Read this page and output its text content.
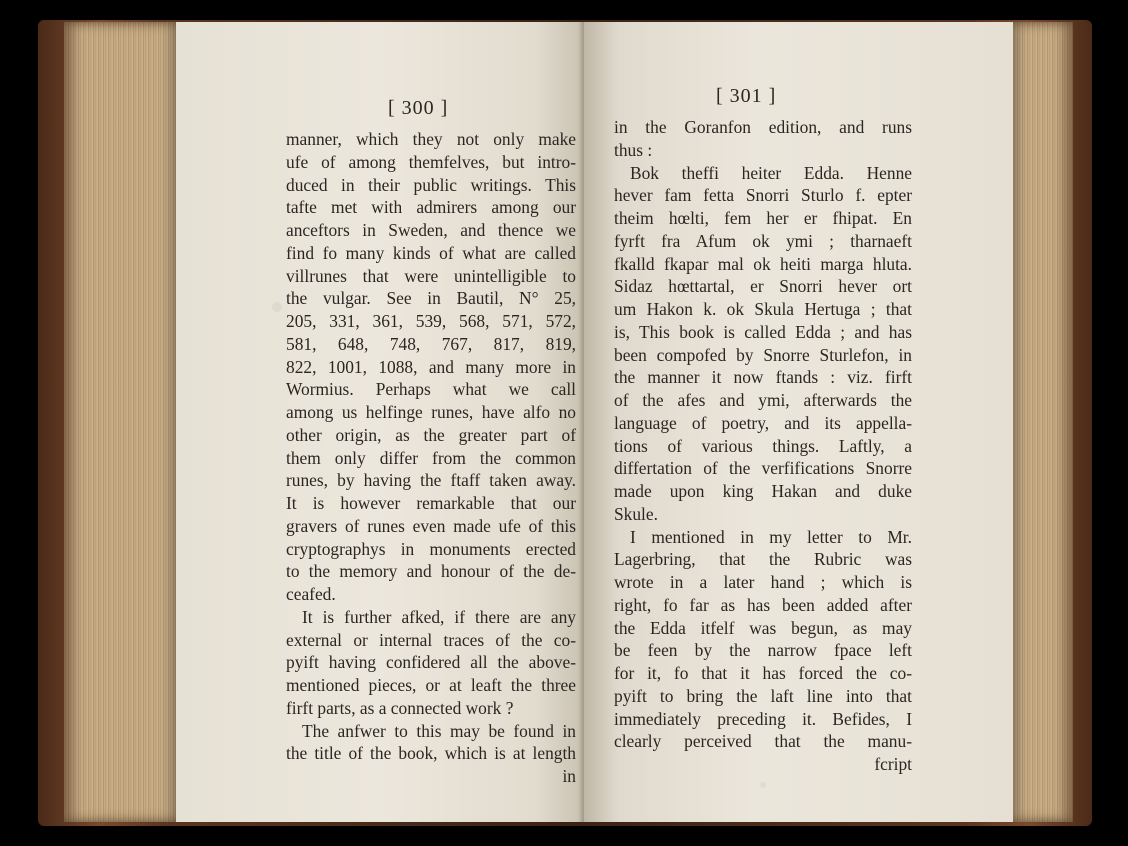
[ 300 ]
manner, which they not only make
ufe of among themfelves, but intro-
duced in their public writings. This
tafte met with admirers among our
anceftors in Sweden, and thence we
find fo many kinds of what are called
villrunes that were unintelligible to
the vulgar. See in Bautil, N° 25,
205, 331, 361, 539, 568, 571, 572,
581, 648, 748, 767, 817, 819,
822, 1001, 1088, and many more in
Wormius. Perhaps what we call
among us helfinge runes, have alfo no
other origin, as the greater part of
them only differ from the common
runes, by having the ftaff taken away.
It is however remarkable that our
gravers of runes even made ufe of this
cryptographys in monuments erected
to the memory and honour of the de-
ceafed.
It is further afked, if there are any
external or internal traces of the co-
pyift having confidered all the above-
mentioned pieces, or at leaft the three
firft parts, as a connected work ?
The anfwer to this may be found in
the title of the book, which is at length
in
[ 301 ]
in the Goranfon edition, and runs
thus :
Bok theffi heiter Edda. Henne
hever fam fetta Snorri Sturlo f. epter
theim hœlti, fem her er fhipat. En
fyrft fra Afum ok ymi ; tharnaeft
fkalld fkapar mal ok heiti marga hluta.
Sidaz hœttartal, er Snorri hever ort
um Hakon k. ok Skula Hertuga ; that
is, This book is called Edda ; and has
been compofed by Snorre Sturlefon, in
the manner it now ftands : viz. firft
of the afes and ymi, afterwards the
language of poetry, and its appella-
tions of various things. Laftly, a
differtation of the verfifications Snorre
made upon king Hakan and duke
Skule.
I mentioned in my letter to Mr.
Lagerbring, that the Rubric was
wrote in a later hand ; which is
right, fo far as has been added after
the Edda itfelf was begun, as may
be feen by the narrow fpace left
for it, fo that it has forced the co-
pyift to bring the laft line into that
immediately preceding it. Befides, I
clearly perceived that the manu-
fcript
